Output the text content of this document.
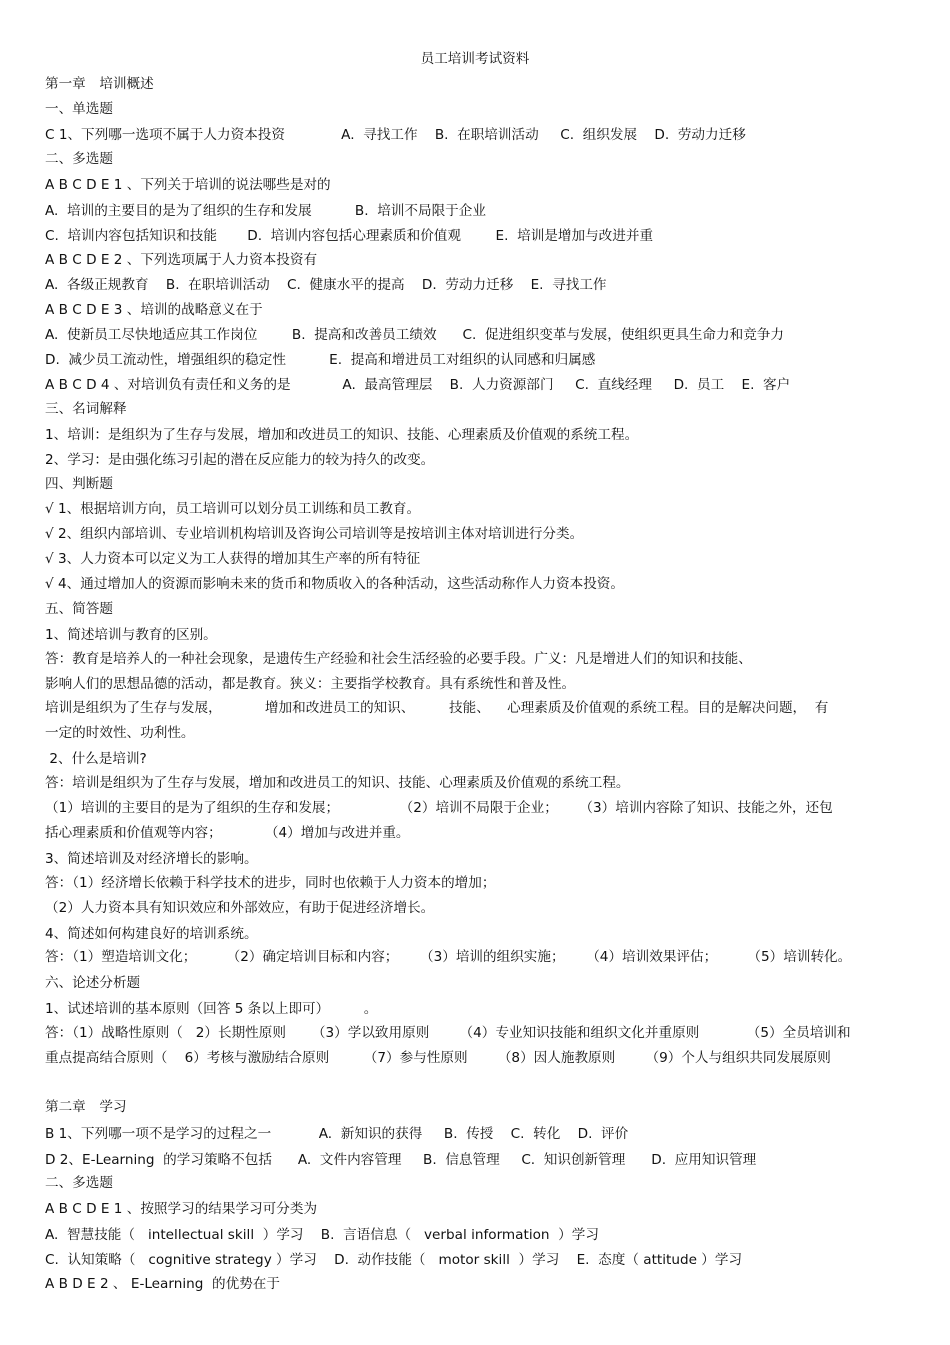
员工培训考试资料
第一章　培训概述
一、单选题
C 1、下列哪一选项不属于人力资本投资             A.  寻找工作    B.  在职培训活动     C.  组织发展    D.  劳动力迁移
二、多选题
A B C D E 1 、下列关于培训的说法哪些是对的
A.  培训的主要目的是为了组织的生存和发展          B.  培训不局限于企业
C.  培训内容包括知识和技能       D.  培训内容包括心理素质和价值观        E.  培训是增加与改进并重
A B C D E 2 、下列选项属于人力资本投资有
A.  各级正规教育    B.  在职培训活动    C.  健康水平的提高    D.  劳动力迁移    E.  寻找工作
A B C D E 3 、培训的战略意义在于
A.  使新员工尽快地适应其工作岗位        B.  提高和改善员工绩效      C.  促进组织变革与发展，使组织更具生命力和竞争力
D.  减少员工流动性，增强组织的稳定性          E.  提高和增进员工对组织的认同感和归属感
A B C D 4 、对培训负有责任和义务的是            A.  最高管理层    B.  人力资源部门     C.  直线经理     D.  员工    E.  客户
三、名词解释
1、培训：是组织为了生存与发展，增加和改进员工的知识、技能、心理素质及价值观的系统工程。
2、学习：是由强化练习引起的潜在反应能力的较为持久的改变。
四、判断题
√ 1、根据培训方向，员工培训可以划分员工训练和员工教育。
√ 2、组织内部培训、专业培训机构培训及咨询公司培训等是按培训主体对培训进行分类。
√ 3、人力资本可以定义为工人获得的增加其生产率的所有特征
√ 4、通过增加人的资源而影响未来的货币和物质收入的各种活动，这些活动称作人力资本投资。
五、简答题
1、简述培训与教育的区别。
答：教育是培养人的一种社会现象，是遗传生产经验和社会生活经验的必要手段。广义：凡是增进人们的知识和技能、
影响人们的思想品德的活动，都是教育。狭义：主要指学校教育。具有系统性和普及性。
培训是组织为了生存与发展，          增加和改进员工的知识、        技能、    心理素质及价值观的系统工程。目的是解决问题，  有
一定的时效性、功利性。
2、什么是培训?
答：培训是组织为了生存与发展，增加和改进员工的知识、技能、心理素质及价值观的系统工程。
（1）培训的主要目的是为了组织的生存和发展；              （2）培训不局限于企业；     （3）培训内容除了知识、技能之外，还包
括心理素质和价值观等内容；          （4）增加与改进并重。
3、简述培训及对经济增长的影响。
答：（1）经济增长依赖于科学技术的进步，同时也依赖于人力资本的增加；
（2）人力资本具有知识效应和外部效应，有助于促进经济增长。
4、简述如何构建良好的培训系统。
答：（1）塑造培训文化；       （2）确定培训目标和内容；     （3）培训的组织实施；     （4）培训效果评估；       （5）培训转化。
六、论述分析题
1、试述培训的基本原则（回答 5 条以上即可）        。
答：（1）战略性原则（   2）长期性原则      （3）学以致用原则       （4）专业知识技能和组织文化并重原则           （5）全员培训和
重点提高结合原则（    6）考核与激励结合原则        （7）参与性原则       （8）因人施教原则       （9）个人与组织共同发展原则
第二章　学习
B 1、下列哪一项不是学习的过程之一           A.  新知识的获得     B.  传授    C.  转化    D.  评价
D 2、E-Learning  的学习策略不包括      A.  文件内容管理     B.  信息管理     C.  知识创新管理      D.  应用知识管理
二、多选题
A B C D E 1 、按照学习的结果学习可分类为
A.  智慧技能（   intellectual skill  ）学习    B.  言语信息（   verbal information  ）学习
C.  认知策略（   cognitive strategy ）学习    D.  动作技能（   motor skill  ）学习    E.  态度（ attitude ）学习
A B D E 2 、 E-Learning  的优势在于
